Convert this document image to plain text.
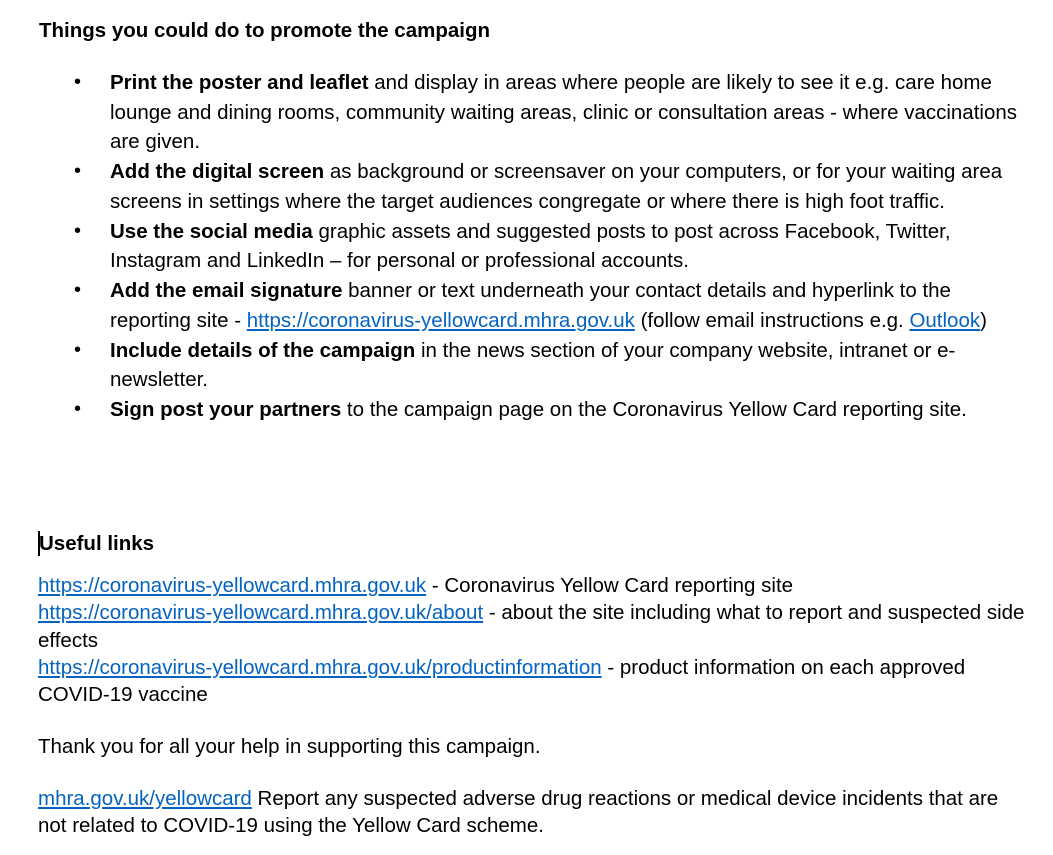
Things you could do to promote the campaign
• Print the poster and leaflet and display in areas where people are likely to see it e.g. care home lounge and dining rooms, community waiting areas, clinic or consultation areas - where vaccinations are given.
• Add the digital screen as background or screensaver on your computers, or for your waiting area screens in settings where the target audiences congregate or where there is high foot traffic.
• Use the social media graphic assets and suggested posts to post across Facebook, Twitter, Instagram and LinkedIn – for personal or professional accounts.
• Add the email signature banner or text underneath your contact details and hyperlink to the reporting site - https://coronavirus-yellowcard.mhra.gov.uk (follow email instructions e.g. Outlook)
• Include details of the campaign in the news section of your company website, intranet or e-newsletter.
• Sign post your partners to the campaign page on the Coronavirus Yellow Card reporting site.
Useful links

https://coronavirus-yellowcard.mhra.gov.uk - Coronavirus Yellow Card reporting site

https://coronavirus-yellowcard.mhra.gov.uk/about - about the site including what to report and suspected side effects

https://coronavirus-yellowcard.mhra.gov.uk/productinformation - product information on each approved COVID-19 vaccine

Thank you for all your help in supporting this campaign.

mhra.gov.uk/yellowcard Report any suspected adverse drug reactions or medical device incidents that are not related to COVID-19 using the Yellow Card scheme.
